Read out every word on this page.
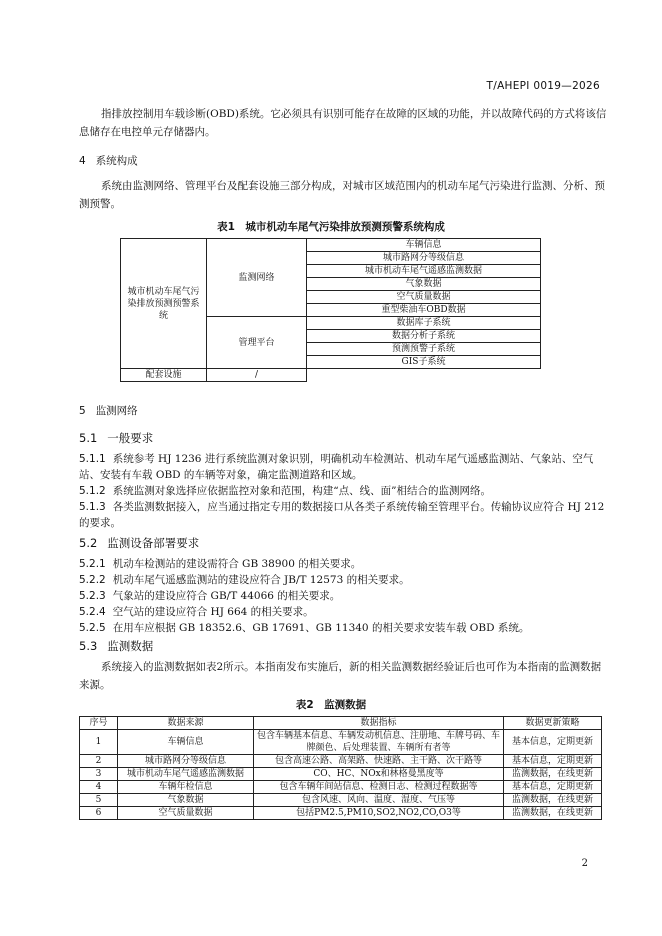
T/AHEPI 0019—2026

指排放控制用车载诊断(OBD)系统。它必须具有识别可能存在故障的区域的功能，并以故障代码的方式将该信息储存在电控单元存储器内。

4 系统构成

系统由监测网络、管理平台及配套设施三部分构成，对城市区域范围内的机动车尾气污染进行监测、分析、预测预警。

表1　城市机动车尾气污染排放预测预警系统构成
城市机动车尾气污染排放预测预警系统	监测网络	车辆信息
		城市路网分等级信息
		城市机动车尾气遥感监测数据
		气象数据
		空气质量数据
		重型柴油车OBD数据
	管理平台	数据库子系统
		数据分析子系统
		预测预警子系统
		GIS子系统
配套设施	/	
5 监测网络
5.1 一般要求

5.1.1 系统参考 HJ 1236 进行系统监测对象识别，明确机动车检测站、机动车尾气遥感监测站、气象站、空气站、安装有车载 OBD 的车辆等对象，确定监测道路和区域。

5.1.2 系统监测对象选择应依据监控对象和范围，构建“点、线、面”相结合的监测网络。

5.1.3 各类监测数据接入，应当通过指定专用的数据接口从各类子系统传输至管理平台。传输协议应符合 HJ 212 的要求。

5.2 监测设备部署要求

5.2.1 机动车检测站的建设需符合 GB 38900 的相关要求。

5.2.2 机动车尾气遥感监测站的建设应符合 JB/T 12573 的相关要求。

5.2.3 气象站的建设应符合 GB/T 44066 的相关要求。

5.2.4 空气站的建设应符合 HJ 664 的相关要求。

5.2.5 在用车应根据 GB 18352.6、GB 17691、GB 11340 的相关要求安装车载 OBD 系统。

5.3 监测数据

系统接入的监测数据如表2所示。本指南发布实施后，新的相关监测数据经验证后也可作为本指南的监测数据来源。

表2　监测数据
序号	数据来源	数据指标	数据更新策略
1	车辆信息	包含车辆基本信息、车辆发动机信息、注册地、车牌号码、车牌颜色、后处理装置、车辆所有者等	基本信息，定期更新
2	城市路网分等级信息	包含高速公路、高架路、快速路、主干路、次干路等	基本信息，定期更新
3	城市机动车尾气遥感监测数据	CO、HC、NOx和林格曼黑度等	监测数据，在线更新
4	车辆年检信息	包含车辆年间站信息、检测日志、检测过程数据等	基本信息，定期更新
5	气象数据	包含风速、风向、温度、湿度、气压等	监测数据，在线更新
6	空气质量数据	包括PM2.5,PM10,SO2,NO2,CO,O3等	监测数据，在线更新
2
